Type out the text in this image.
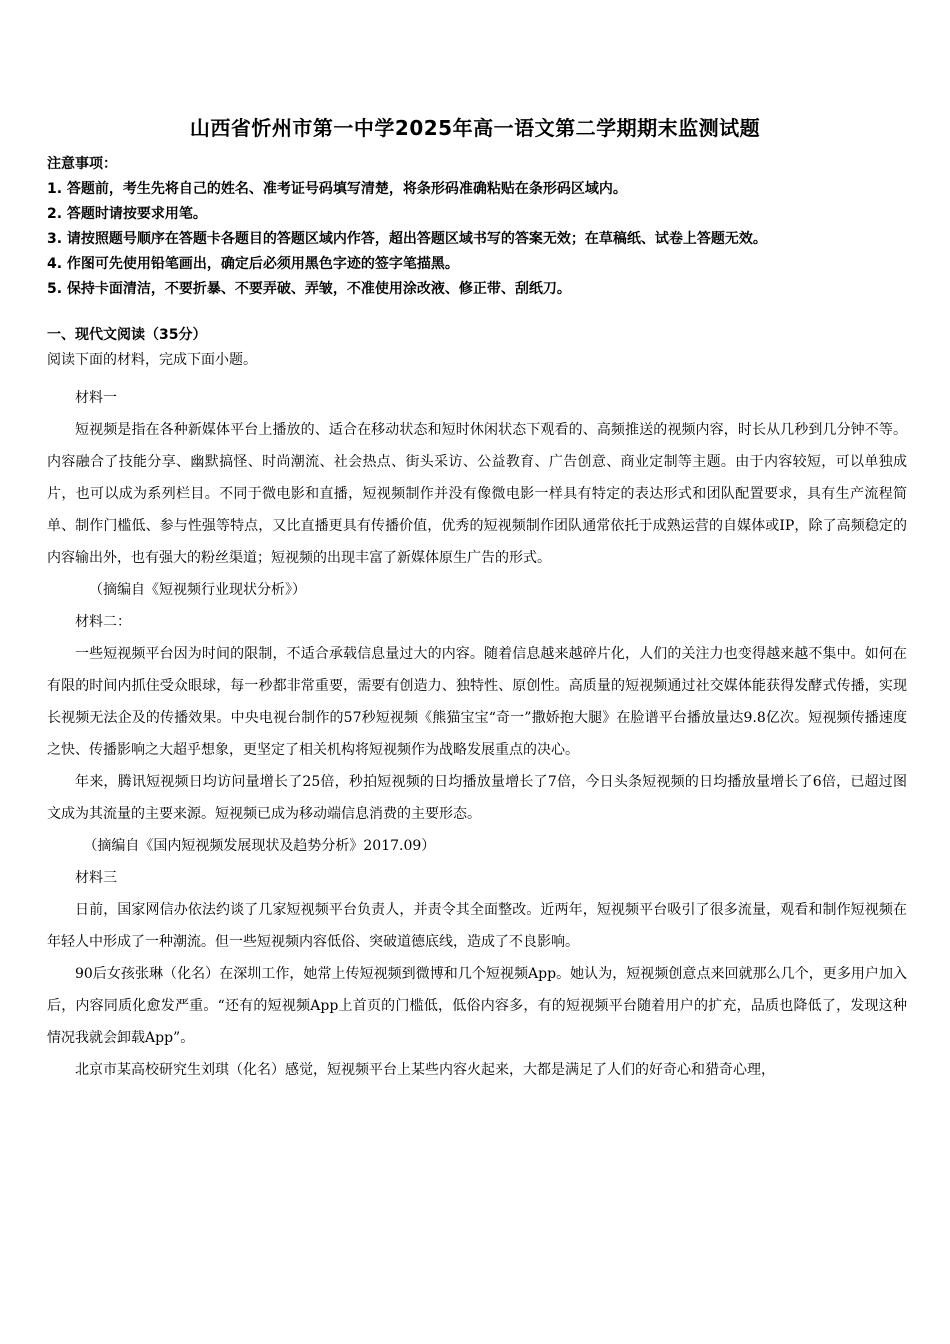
山西省忻州市第一中学2025年高一语文第二学期期末监测试题
注意事项：
1. 答题前，考生先将自己的姓名、准考证号码填写清楚，将条形码准确粘贴在条形码区域内。
2. 答题时请按要求用笔。
3. 请按照题号顺序在答题卡各题目的答题区域内作答，超出答题区域书写的答案无效；在草稿纸、试卷上答题无效。
4. 作图可先使用铅笔画出，确定后必须用黑色字迹的签字笔描黑。
5. 保持卡面清洁，不要折暴、不要弄破、弄皱，不准使用涂改液、修正带、刮纸刀。
一、现代文阅读（35分）
阅读下面的材料，完成下面小题。
材料一

短视频是指在各种新媒体平台上播放的、适合在移动状态和短时休闲状态下观看的、高频推送的视频内容，时长从几秒到几分钟不等。内容融合了技能分享、幽默搞怪、时尚潮流、社会热点、街头采访、公益教育、广告创意、商业定制等主题。由于内容较短，可以单独成片，也可以成为系列栏目。不同于微电影和直播，短视频制作并没有像微电影一样具有特定的表达形式和团队配置要求，具有生产流程简单、制作门槛低、参与性强等特点，又比直播更具有传播价值，优秀的短视频制作团队通常依托于成熟运营的自媒体或IP，除了高频稳定的内容输出外，也有强大的粉丝渠道；短视频的出现丰富了新媒体原生广告的形式。

（摘编自《短视频行业现状分析》）
材料二：

一些短视频平台因为时间的限制，不适合承载信息量过大的内容。随着信息越来越碎片化，人们的关注力也变得越来越不集中。如何在有限的时间内抓住受众眼球，每一秒都非常重要，需要有创造力、独特性、原创性。高质量的短视频通过社交媒体能获得发酵式传播，实现长视频无法企及的传播效果。中央电视台制作的57秒短视频《熊猫宝宝“奇一”撒娇抱大腿》在脸谱平台播放量达9.8亿次。短视频传播速度之快、传播影响之大超乎想象，更坚定了相关机构将短视频作为战略发展重点的决心。

年来，腾讯短视频日均访问量增长了25倍，秒拍短视频的日均播放量增长了7倍，今日头条短视频的日均播放量增长了6倍，已超过图文成为其流量的主要来源。短视频已成为移动端信息消费的主要形态。

（摘编自《国内短视频发展现状及趋势分析》2017.09）
材料三

日前，国家网信办依法约谈了几家短视频平台负责人，并责令其全面整改。近两年，短视频平台吸引了很多流量，观看和制作短视频在年轻人中形成了一种潮流。但一些短视频内容低俗、突破道德底线，造成了不良影响。

90后女孩张琳（化名）在深圳工作，她常上传短视频到微博和几个短视频App。她认为，短视频创意点来回就那么几个，更多用户加入后，内容同质化愈发严重。“还有的短视频App上首页的门槛低，低俗内容多，有的短视频平台随着用户的扩充，品质也降低了，发现这种情况我就会卸载App”。

北京市某高校研究生刘琪（化名）感觉，短视频平台上某些内容火起来，大都是满足了人们的好奇心和猎奇心理，
